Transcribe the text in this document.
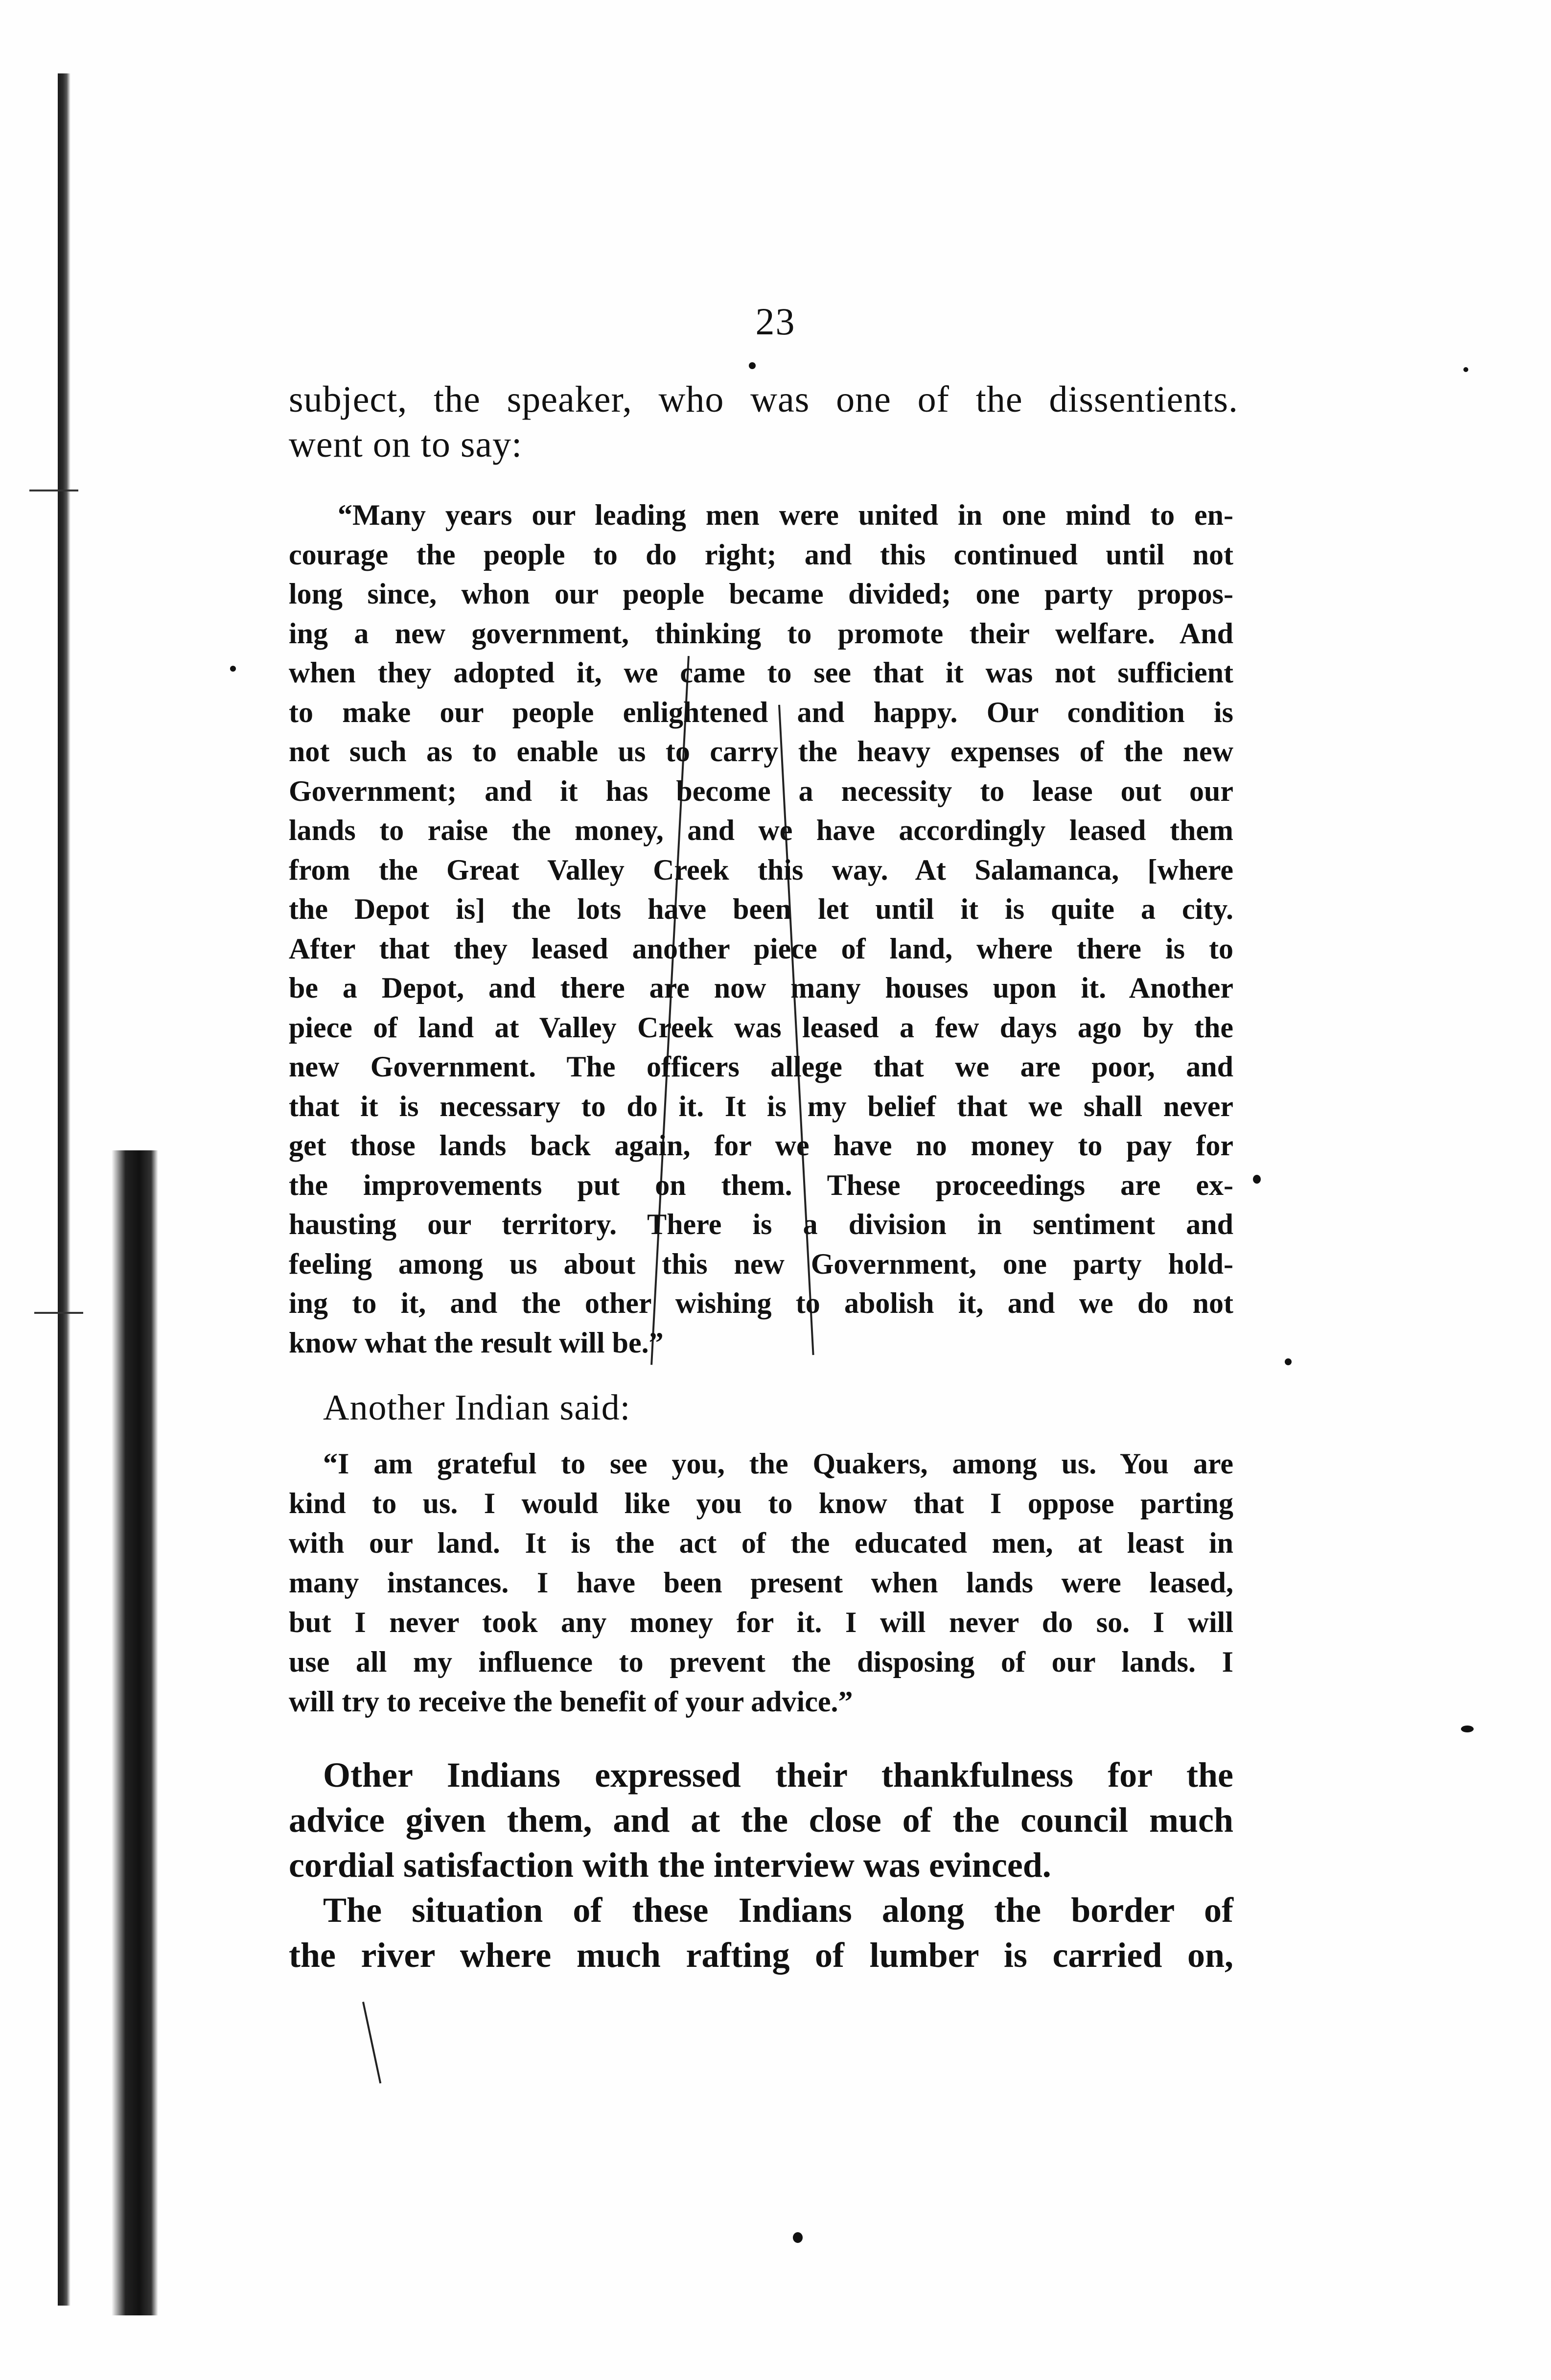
23
subject, the speaker, who was one of the dissentients.
went on to say:
“Many years our leading men were united in one mind to en-
courage the people to do right; and this continued until not
long since, whon our people became divided; one party propos-
ing a new government, thinking to promote their welfare. And
when they adopted it, we came to see that it was not sufficient
to make our people enlightened and happy. Our condition is
not such as to enable us to carry the heavy expenses of the new
Government; and it has become a necessity to lease out our
lands to raise the money, and we have accordingly leased them
from the Great Valley Creek this way. At Salamanca, [where
the Depot is] the lots have been let until it is quite a city.
After that they leased another piece of land, where there is to
be a Depot, and there are now many houses upon it. Another
piece of land at Valley Creek was leased a few days ago by the
new Government. The officers allege that we are poor, and
that it is necessary to do it. It is my belief that we shall never
get those lands back again, for we have no money to pay for
the improvements put on them. These proceedings are ex-
hausting our territory. There is a division in sentiment and
feeling among us about this new Government, one party hold-
ing to it, and the other wishing to abolish it, and we do not
know what the result will be.”
Another Indian said:
“I am grateful to see you, the Quakers, among us. You are
kind to us. I would like you to know that I oppose parting
with our land. It is the act of the educated men, at least in
many instances. I have been present when lands were leased,
but I never took any money for it. I will never do so. I will
use all my influence to prevent the disposing of our lands. I
will try to receive the benefit of your advice.”
Other Indians expressed their thankfulness for the
advice given them, and at the close of the council much
cordial satisfaction with the interview was evinced.
The situation of these Indians along the border of
the river where much rafting of lumber is carried on,
